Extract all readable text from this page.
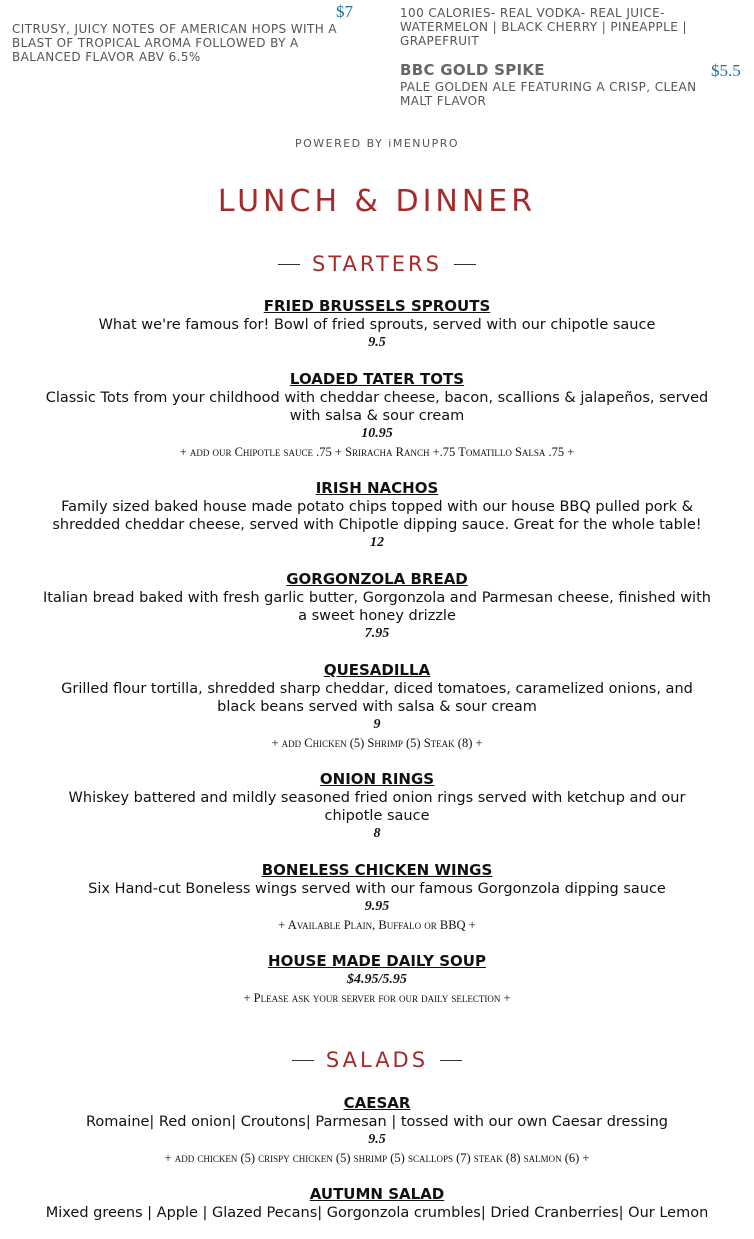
$7
CITRUSY, JUICY NOTES OF AMERICAN HOPS WITH A BLAST OF TROPICAL AROMA FOLLOWED BY A BALANCED FLAVOR ABV 6.5%
100 CALORIES- REAL VODKA- REAL JUICE- WATERMELON | BLACK CHERRY | PINEAPPLE | GRAPEFRUIT
BBC GOLD SPIKE	$5.5
PALE GOLDEN ALE FEATURING A CRISP, CLEAN MALT FLAVOR
POWERED BY iMENUPRO
LUNCH & DINNER
STARTERS
FRIED BRUSSELS SPROUTS
What we're famous for! Bowl of fried sprouts, served with our chipotle sauce
9.5
LOADED TATER TOTS
Classic Tots from your childhood with cheddar cheese, bacon, scallions & jalapeños, served with salsa & sour cream
10.95
+ add our Chipotle sauce .75 + Sriracha Ranch +.75 Tomatillo Salsa .75 +
IRISH NACHOS
Family sized baked house made potato chips topped with our house BBQ pulled pork & shredded cheddar cheese, served with Chipotle dipping sauce. Great for the whole table!
12
GORGONZOLA BREAD
Italian bread baked with fresh garlic butter, Gorgonzola and Parmesan cheese, finished with a sweet honey drizzle
7.95
QUESADILLA
Grilled flour tortilla, shredded sharp cheddar, diced tomatoes, caramelized onions, and black beans served with salsa & sour cream
9
+ add Chicken (5) Shrimp (5) Steak (8) +
ONION RINGS
Whiskey battered and mildly seasoned fried onion rings served with ketchup and our chipotle sauce
8
BONELESS CHICKEN WINGS
Six Hand-cut Boneless wings served with our famous Gorgonzola dipping sauce
9.95
+ Available Plain, Buffalo or BBQ +
HOUSE MADE DAILY SOUP
$4.95/5.95
+ Please ask your server for our daily selection +
SALADS
CAESAR
Romaine| Red onion| Croutons| Parmesan | tossed with our own Caesar dressing
9.5
+ add chicken (5) crispy chicken (5) shrimp (5) scallops (7) steak (8) salmon (6) +
AUTUMN SALAD
Mixed greens | Apple | Glazed Pecans| Gorgonzola crumbles| Dried Cranberries| Our Lemon
